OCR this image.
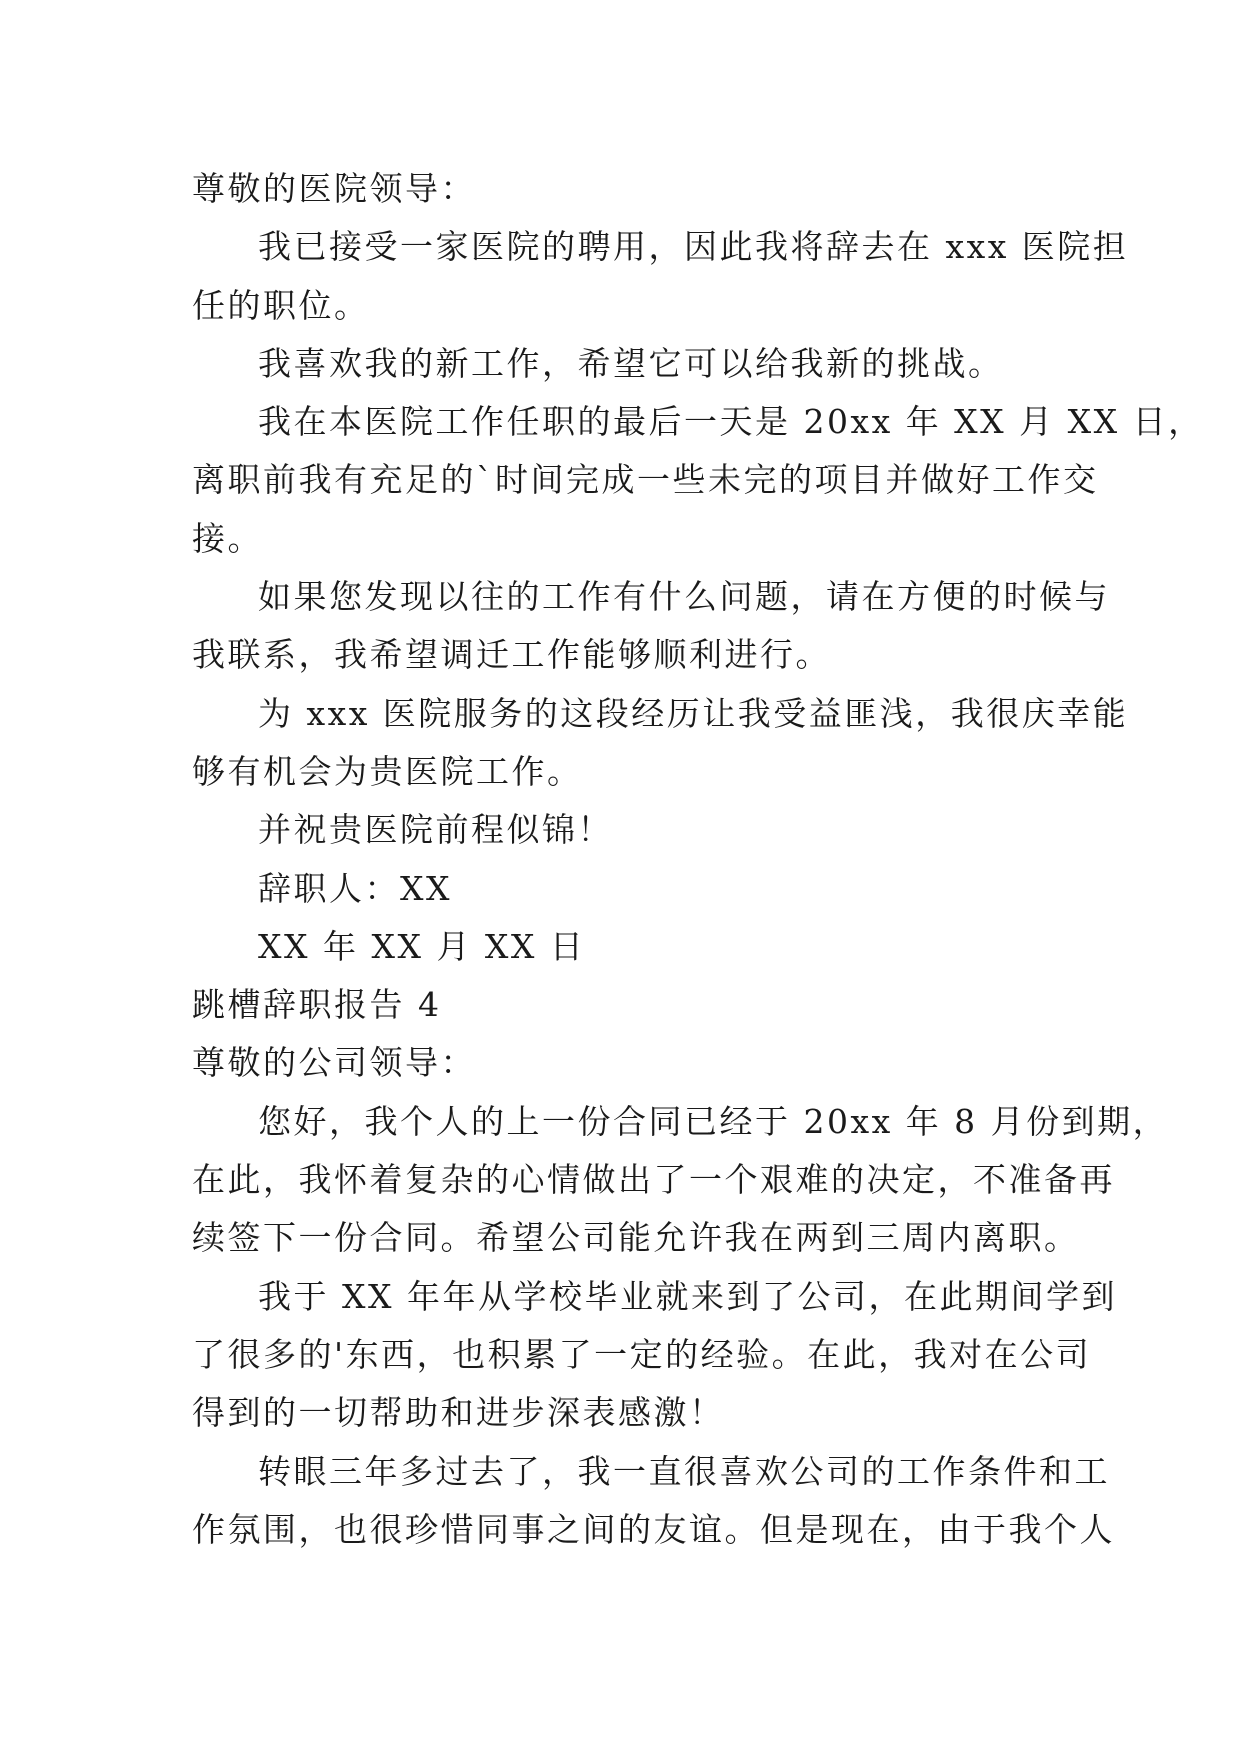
尊敬的医院领导：

我已接受一家医院的聘用，因此我将辞去在 xxx 医院担

任的职位。

我喜欢我的新工作，希望它可以给我新的挑战。

我在本医院工作任职的最后一天是 20xx 年 XX 月 XX 日，

离职前我有充足的`时间完成一些未完的项目并做好工作交

接。

如果您发现以往的工作有什么问题，请在方便的时候与

我联系，我希望调迁工作能够顺利进行。

为 xxx 医院服务的这段经历让我受益匪浅，我很庆幸能

够有机会为贵医院工作。

并祝贵医院前程似锦！

辞职人：XX

XX 年 XX 月 XX 日

跳槽辞职报告 4

尊敬的公司领导：

您好，我个人的上一份合同已经于 20xx 年 8 月份到期，

在此，我怀着复杂的心情做出了一个艰难的决定，不准备再

续签下一份合同。希望公司能允许我在两到三周内离职。

我于 XX 年年从学校毕业就来到了公司，在此期间学到

了很多的'东西，也积累了一定的经验。在此，我对在公司

得到的一切帮助和进步深表感激！

转眼三年多过去了，我一直很喜欢公司的工作条件和工

作氛围，也很珍惜同事之间的友谊。但是现在，由于我个人
